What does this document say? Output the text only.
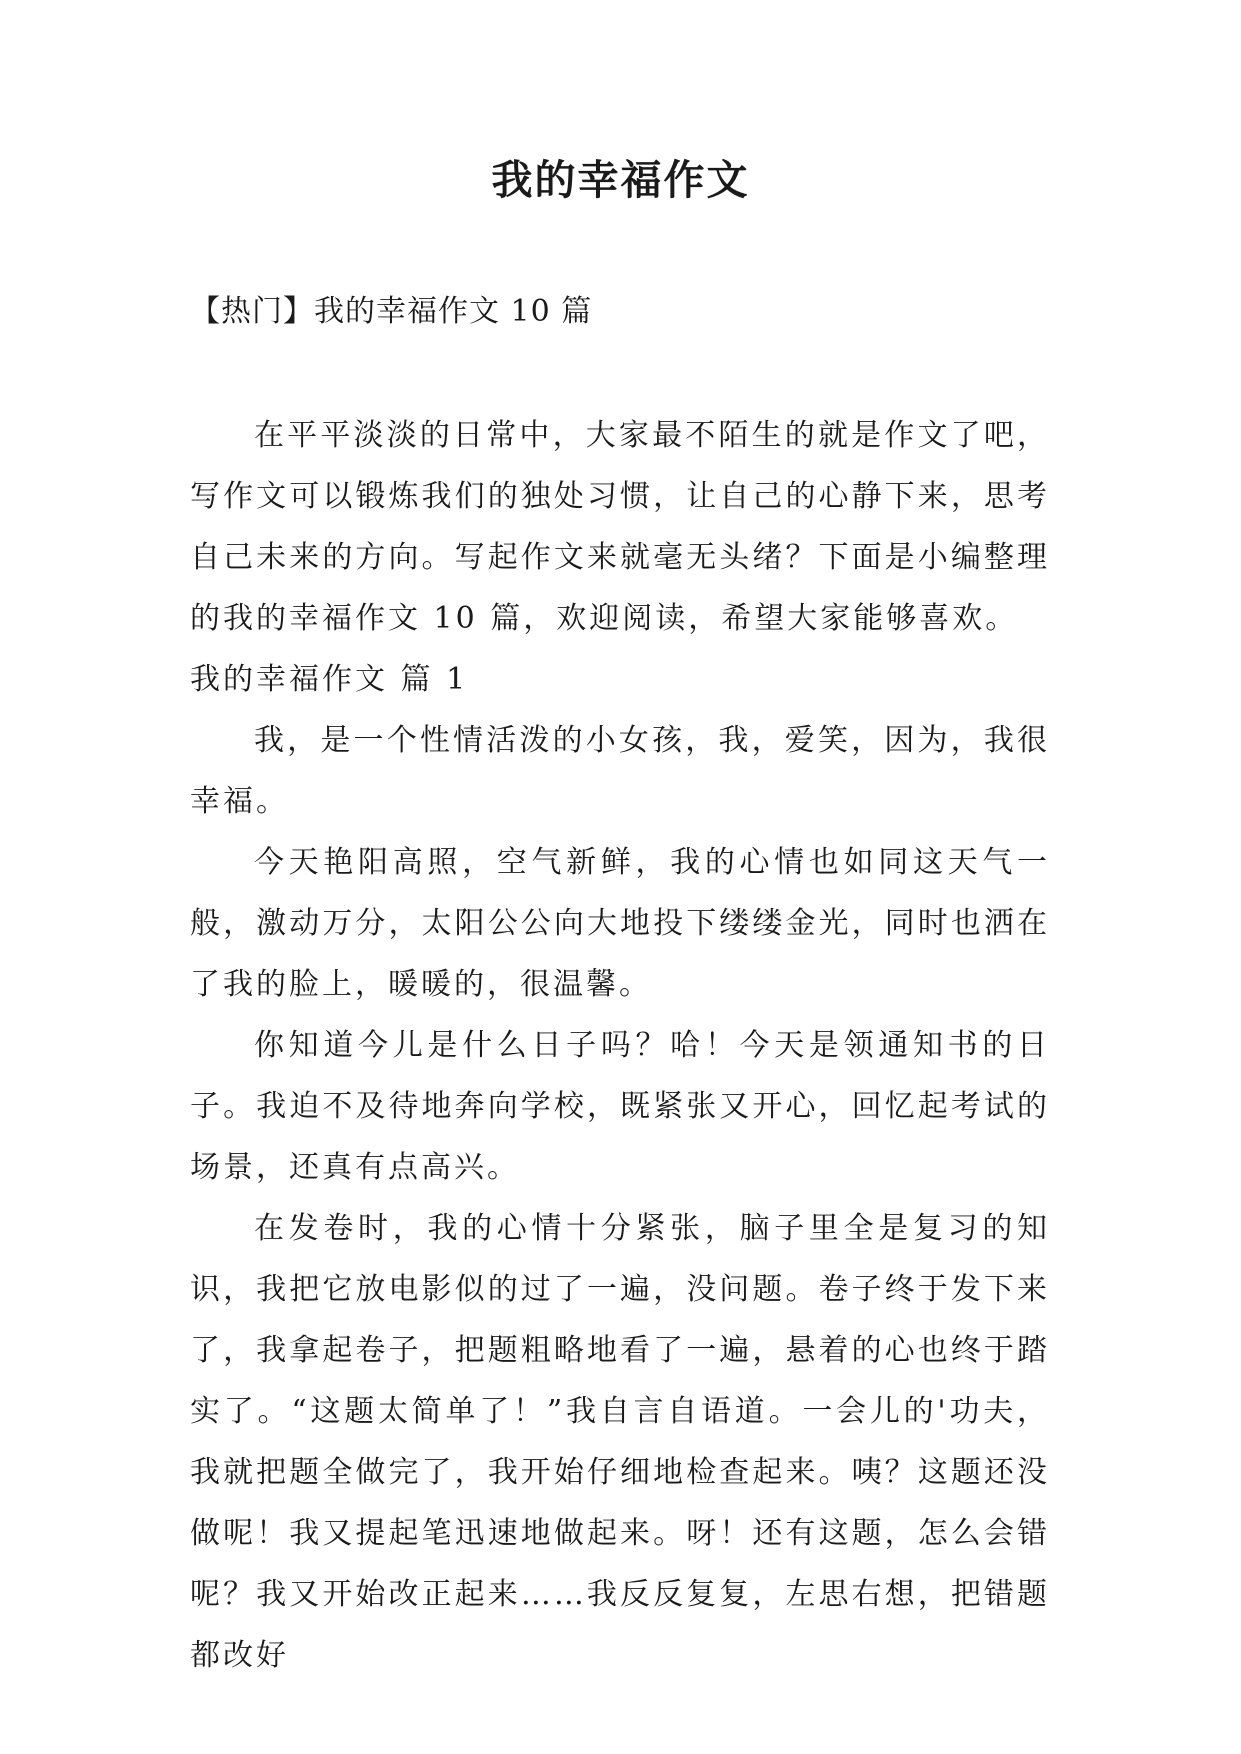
我的幸福作文
【热门】我的幸福作文 10 篇

在平平淡淡的日常中，大家最不陌生的就是作文了吧，写作文可以锻炼我们的独处习惯，让自己的心静下来，思考自己未来的方向。写起作文来就毫无头绪？下面是小编整理的我的幸福作文 10 篇，欢迎阅读，希望大家能够喜欢。

我的幸福作文 篇 1

我，是一个性情活泼的小女孩，我，爱笑，因为，我很幸福。

今天艳阳高照，空气新鲜，我的心情也如同这天气一般，激动万分，太阳公公向大地投下缕缕金光，同时也洒在了我的脸上，暖暖的，很温馨。

你知道今儿是什么日子吗？哈！今天是领通知书的日子。我迫不及待地奔向学校，既紧张又开心，回忆起考试的场景，还真有点高兴。

在发卷时，我的心情十分紧张，脑子里全是复习的知识，我把它放电影似的过了一遍，没问题。卷子终于发下来了，我拿起卷子，把题粗略地看了一遍，悬着的心也终于踏实了。“这题太简单了！”我自言自语道。一会儿的'功夫，我就把题全做完了，我开始仔细地检查起来。咦？这题还没做呢！我又提起笔迅速地做起来。呀！还有这题，怎么会错呢？我又开始改正起来……我反反复复，左思右想，把错题都改好
